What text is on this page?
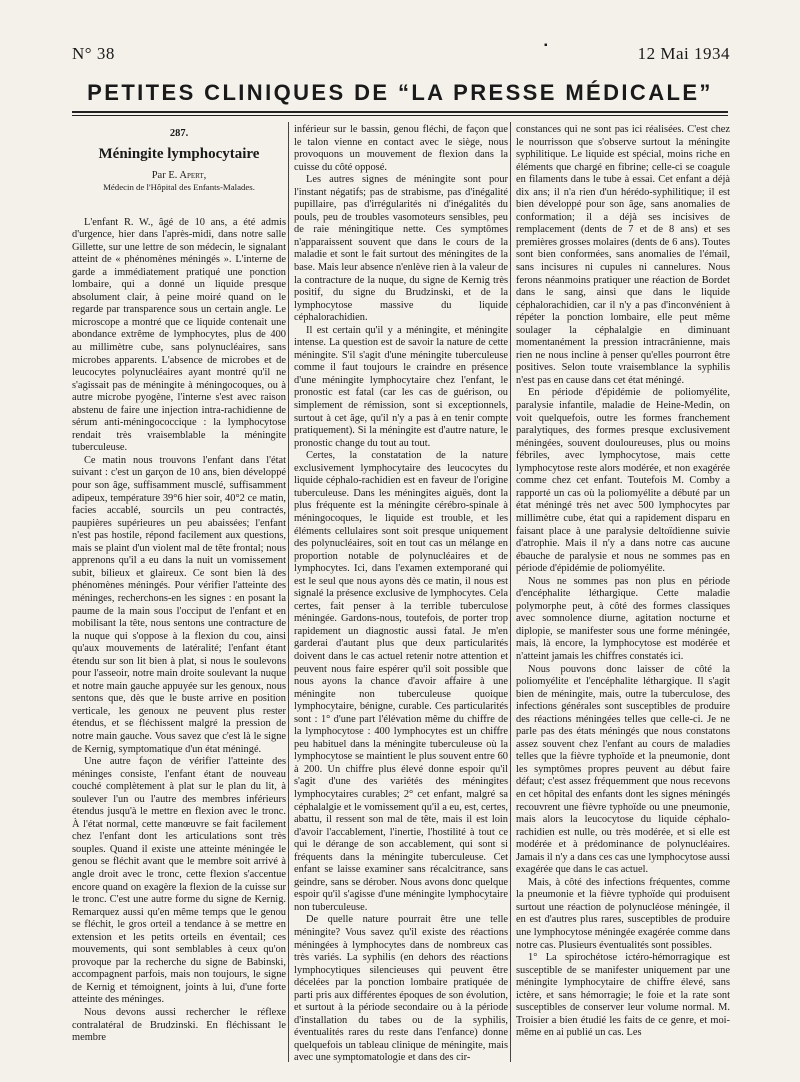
N° 38	▪	12 Mai 1934
PETITES CLINIQUES DE “LA PRESSE MÉDICALE”
287.
Méningite lymphocytaire

Par E. Apert,

Médecin de l'Hôpital des Enfants-Malades.

L'enfant R. W., âgé de 10 ans, a été admis d'urgence, hier dans l'après-midi, dans notre salle Gillette, sur une lettre de son médecin, le signalant atteint de « phénomènes méningés ». L'interne de garde a immédiatement pratiqué une ponction lombaire, qui a donné un liquide presque absolument clair, à peine moiré quand on le regarde par transparence sous un certain angle. Le microscope a montré que ce liquide contenait une abondance extrême de lymphocytes, plus de 400 au millimètre cube, sans polynucléaires, sans microbes apparents. L'absence de microbes et de leucocytes polynucléaires ayant montré qu'il ne s'agissait pas de méningite à méningocoques, ou à autre microbe pyogène, l'interne s'est avec raison abstenu de faire une injection intra-rachidienne de sérum anti-méningococcique : la lymphocytose rendait très vraisemblable la méningite tuberculeuse.

Ce matin nous trouvons l'enfant dans l'état suivant : c'est un garçon de 10 ans, bien développé pour son âge, suffisamment musclé, suffisamment adipeux, température 39°6 hier soir, 40°2 ce matin, facies accablé, sourcils un peu contractés, paupières supérieures un peu abaissées; l'enfant n'est pas hostile, répond facilement aux questions, mais se plaint d'un violent mal de tête frontal; nous apprenons qu'il a eu dans la nuit un vomissement subit, bilieux et glaireux. Ce sont bien là des phénomènes méningés. Pour vérifier l'atteinte des méninges, recherchons-en les signes : en posant la paume de la main sous l'occiput de l'enfant et en mobilisant la tête, nous sentons une contracture de la nuque qui s'oppose à la flexion du cou, ainsi qu'aux mouvements de latéralité; l'enfant étant étendu sur son lit bien à plat, si nous le soulevons pour l'asseoir, notre main droite soulevant la nuque et notre main gauche appuyée sur les genoux, nous sentons que, dès que le buste arrive en position verticale, les genoux ne peuvent plus rester étendus, et se fléchissent malgré la pression de notre main gauche. Vous savez que c'est là le signe de Kernig, symptomatique d'un état méningé.

Une autre façon de vérifier l'atteinte des méninges consiste, l'enfant étant de nouveau couché complètement à plat sur le plan du lit, à soulever l'un ou l'autre des membres inférieurs étendus jusqu'à le mettre en flexion avec le tronc. À l'état normal, cette manœuvre se fait facilement chez l'enfant dont les articulations sont très souples. Quand il existe une atteinte méningée le genou se fléchit avant que le membre soit arrivé à angle droit avec le tronc, cette flexion s'accentue encore quand on exagère la flexion de la cuisse sur le tronc. C'est une autre forme du signe de Kernig. Remarquez aussi qu'en même temps que le genou se fléchit, le gros orteil a tendance à se mettre en extension et les petits orteils en éventail; ces mouvements, qui sont semblables à ceux qu'on provoque par la recherche du signe de Babinski, accompagnent parfois, mais non toujours, le signe de Kernig et témoignent, joints à lui, d'une forte atteinte des méninges.

Nous devons aussi rechercher le réflexe contralatéral de Brudzinski. En fléchissant le membre

inférieur sur le bassin, genou fléchi, de façon que le talon vienne en contact avec le siège, nous provoquons un mouvement de flexion dans la cuisse du côté opposé.

Les autres signes de méningite sont pour l'instant négatifs; pas de strabisme, pas d'inégalité pupillaire, pas d'irrégularités ni d'inégalités du pouls, peu de troubles vasomoteurs sensibles, peu de raie méningitique nette. Ces symptômes n'apparaissent souvent que dans le cours de la maladie et sont le fait surtout des méningites de la base. Mais leur absence n'enlève rien à la valeur de la contracture de la nuque, du signe de Kernig très positif, du signe du Brudzinski, et de la lymphocytose massive du liquide céphalorachidien.

Il est certain qu'il y a méningite, et méningite intense. La question est de savoir la nature de cette méningite. S'il s'agit d'une méningite tuberculeuse comme il faut toujours le craindre en présence d'une méningite lymphocytaire chez l'enfant, le pronostic est fatal (car les cas de guérison, ou simplement de rémission, sont si exceptionnels, surtout à cet âge, qu'il n'y a pas à en tenir compte pratiquement). Si la méningite est d'autre nature, le pronostic change du tout au tout.

Certes, la constatation de la nature exclusivement lymphocytaire des leucocytes du liquide céphalo-rachidien est en faveur de l'origine tuberculeuse. Dans les méningites aiguës, dont la plus fréquente est la méningite cérébro-spinale à méningocoques, le liquide est trouble, et les éléments cellulaires sont soit presque uniquement des polynucléaires, soit en tout cas un mélange en proportion notable de polynucléaires et de lymphocytes. Ici, dans l'examen extemporané qui est le seul que nous ayons dès ce matin, il nous est signalé la présence exclusive de lymphocytes. Cela certes, fait penser à la terrible tuberculose méningée. Gardons-nous, toutefois, de porter trop rapidement un diagnostic aussi fatal. Je m'en garderai d'autant plus que deux particularités doivent dans le cas actuel retenir notre attention et peuvent nous faire espérer qu'il soit possible que nous ayons la chance d'avoir affaire à une méningite non tuberculeuse quoique lymphocytaire, bénigne, curable. Ces particularités sont : 1° d'une part l'élévation même du chiffre de la lymphocytose : 400 lymphocytes est un chiffre peu habituel dans la méningite tuberculeuse où la lymphocytose se maintient le plus souvent entre 60 à 200. Un chiffre plus élevé donne espoir qu'il s'agit d'une des variétés des méningites lymphocytaires curables; 2° cet enfant, malgré sa céphalalgie et le vomissement qu'il a eu, est, certes, abattu, il ressent son mal de tête, mais il est loin d'avoir l'accablement, l'inertie, l'hostilité à tout ce qui le dérange de son accablement, qui sont si fréquents dans la méningite tuberculeuse. Cet enfant se laisse examiner sans récalcitrance, sans geindre, sans se dérober. Nous avons donc quelque espoir qu'il s'agisse d'une méningite lymphocytaire non tuberculeuse.

De quelle nature pourrait être une telle méningite? Vous savez qu'il existe des réactions méningées à lymphocytes dans de nombreux cas très variés. La syphilis (en dehors des réactions lymphocytiques silencieuses qui peuvent être décelées par la ponction lombaire pratiquée de parti pris aux différentes époques de son évolution, et surtout à la période secondaire ou à la période d'installation du tabes ou de la syphilis, éventualités rares du reste dans l'enfance) donne quelquefois un tableau clinique de méningite, mais avec une symptomatologie et dans des cir-

constances qui ne sont pas ici réalisées. C'est chez le nourrisson que s'observe surtout la méningite syphilitique. Le liquide est spécial, moins riche en éléments que chargé en fibrine; celle-ci se coagule en filaments dans le tube à essai. Cet enfant a déjà dix ans; il n'a rien d'un hérédo-syphilitique; il est bien développé pour son âge, sans anomalies de conformation; il a déjà ses incisives de remplacement (dents de 7 et de 8 ans) et ses premières grosses molaires (dents de 6 ans). Toutes sont bien conformées, sans anomalies de l'émail, sans incisures ni cupules ni cannelures. Nous ferons néanmoins pratiquer une réaction de Bordet dans le sang, ainsi que dans le liquide céphalorachidien, car il n'y a pas d'inconvénient à répéter la ponction lombaire, elle peut même soulager la céphalalgie en diminuant momentanément la pression intracrânienne, mais rien ne nous incline à penser qu'elles pourront être positives. Selon toute vraisemblance la syphilis n'est pas en cause dans cet état méningé.

En période d'épidémie de poliomyélite, paralysie infantile, maladie de Heine-Medin, on voit quelquefois, outre les formes franchement paralytiques, des formes presque exclusivement méningées, souvent douloureuses, plus ou moins fébriles, avec lymphocytose, mais cette lymphocytose reste alors modérée, et non exagérée comme chez cet enfant. Toutefois M. Comby a rapporté un cas où la poliomyélite a débuté par un état méningé très net avec 500 lymphocytes par millimètre cube, état qui a rapidement disparu en faisant place à une paralysie deltoïdienne suivie d'atrophie. Mais il n'y a dans notre cas aucune ébauche de paralysie et nous ne sommes pas en période d'épidémie de poliomyélite.

Nous ne sommes pas non plus en période d'encéphalite léthargique. Cette maladie polymorphe peut, à côté des formes classiques avec somnolence diurne, agitation nocturne et diplopie, se manifester sous une forme méningée, mais, là encore, la lymphocytose est modérée et n'atteint jamais les chiffres constatés ici.

Nous pouvons donc laisser de côté la poliomyélite et l'encéphalite léthargique. Il s'agit bien de méningite, mais, outre la tuberculose, des infections générales sont susceptibles de produire des réactions méningées telles que celle-ci. Je ne parle pas des états méningés que nous constatons assez souvent chez l'enfant au cours de maladies telles que la fièvre typhoïde et la pneumonie, dont les symptômes propres peuvent au début faire défaut; c'est assez fréquemment que nous recevons en cet hôpital des enfants dont les signes méningés recouvrent une fièvre typhoïde ou une pneumonie, mais alors la leucocytose du liquide céphalo-rachidien est nulle, ou très modérée, et si elle est modérée et à prédominance de polynucléaires. Jamais il n'y a dans ces cas une lymphocytose aussi exagérée que dans le cas actuel.

Mais, à côté des infections fréquentes, comme la pneumonie et la fièvre typhoïde qui produisent surtout une réaction de polynucléose méningée, il en est d'autres plus rares, susceptibles de produire une lymphocytose méningée exagérée comme dans notre cas. Plusieurs éventualités sont possibles.

1° La spirochétose ictéro-hémorragique est susceptible de se manifester uniquement par une méningite lymphocytaire de chiffre élevé, sans ictère, et sans hémorragie; le foie et la rate sont susceptibles de conserver leur volume normal. M. Troisier a bien étudié les faits de ce genre, et moi-même en ai publié un cas. Les
